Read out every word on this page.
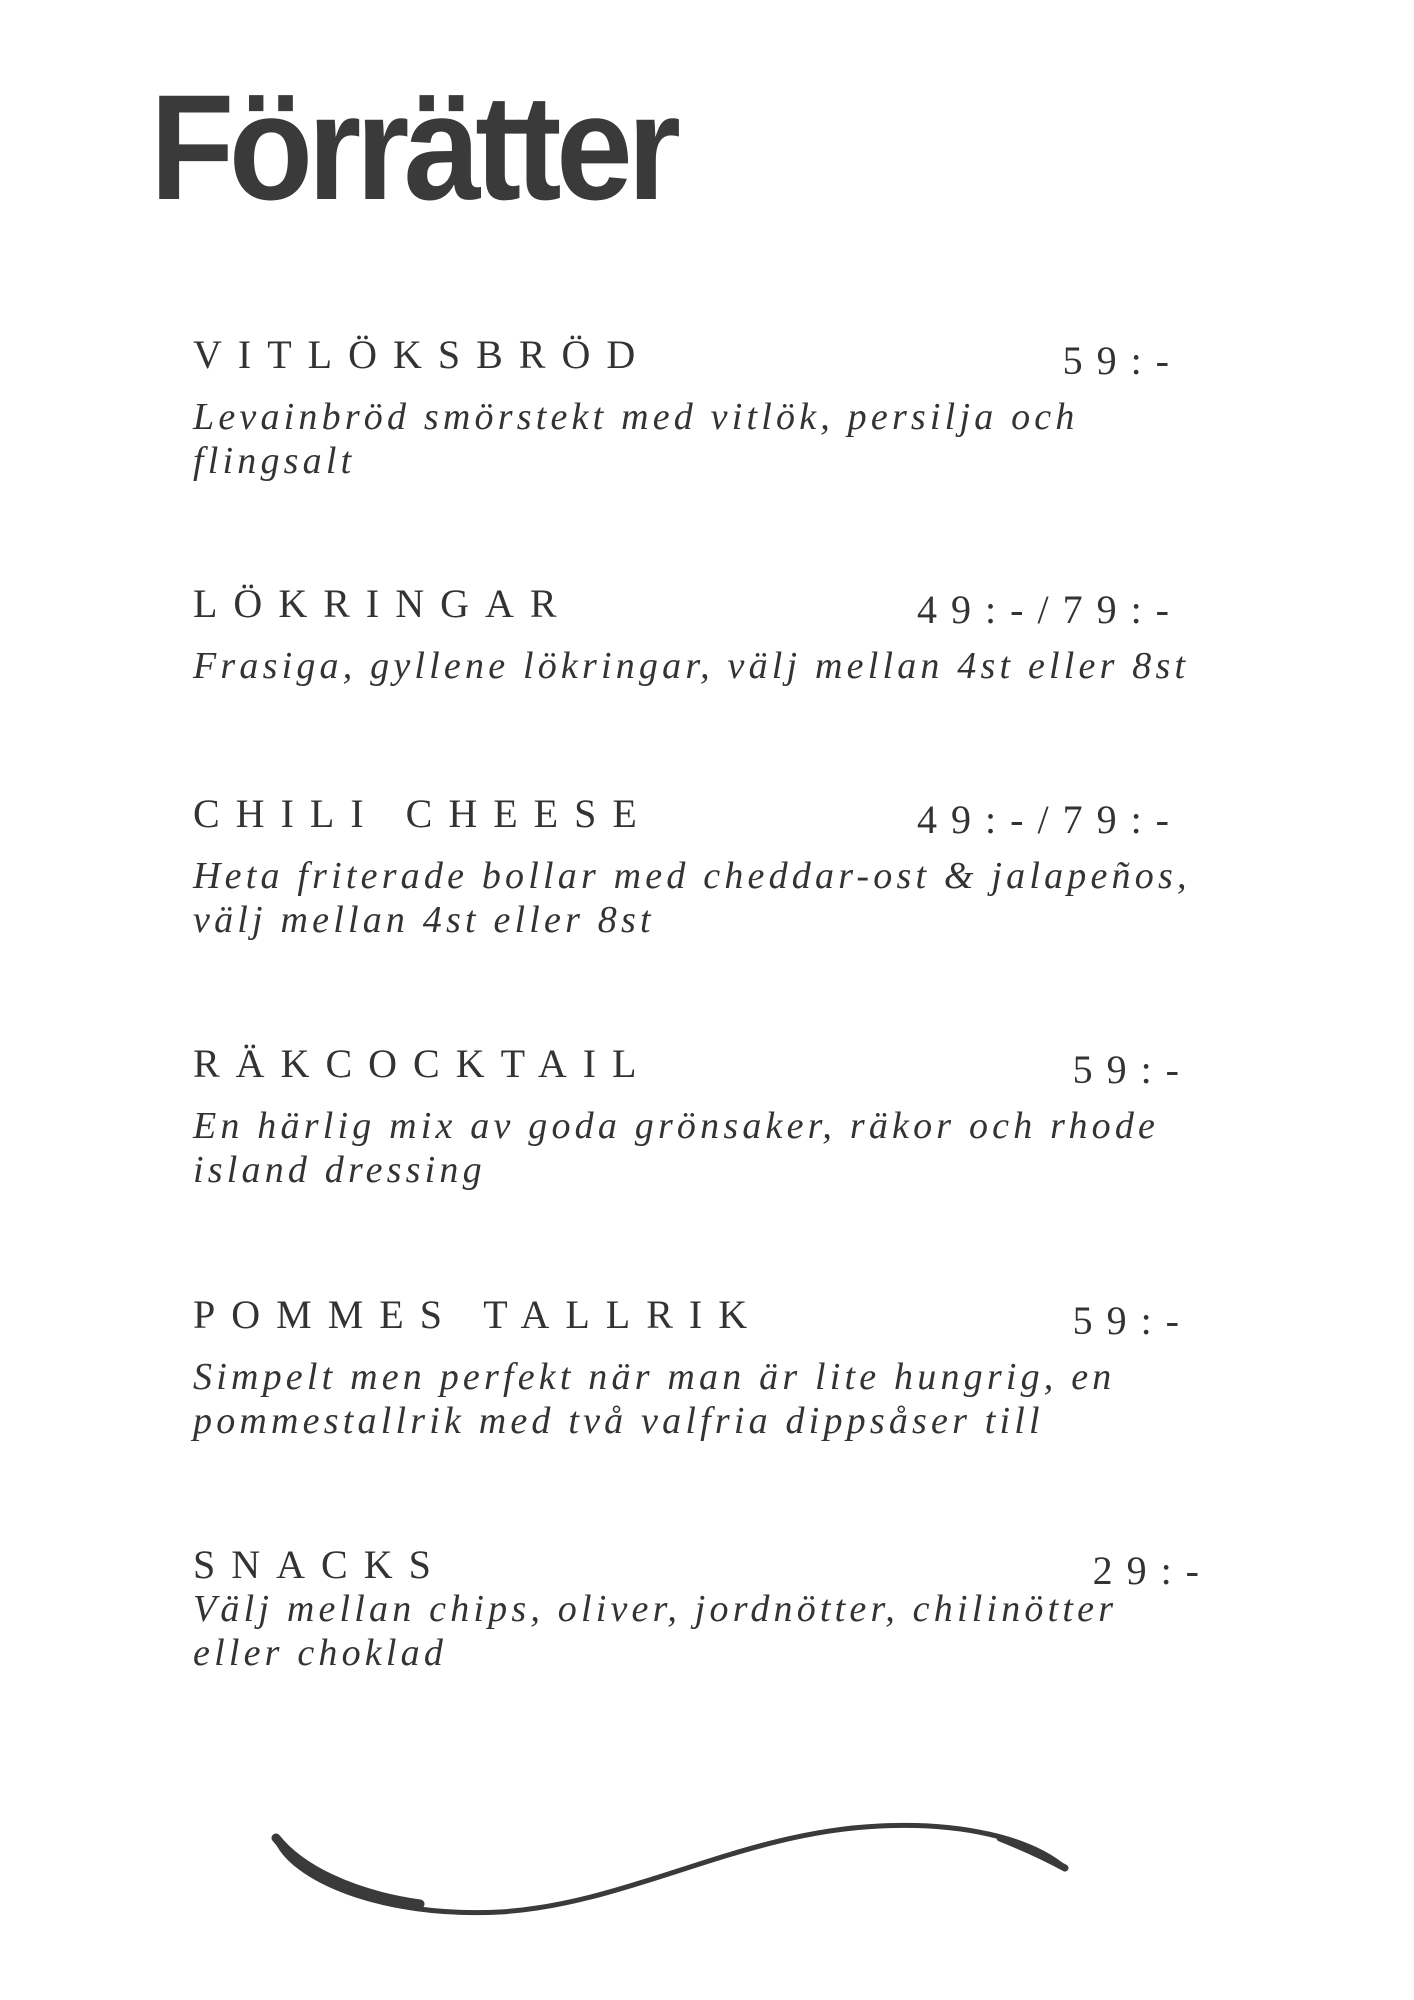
Förrätter
VITLÖKSBRÖD	59:-

Levainbröd smörstekt med vitlök, persilja och flingsalt

LÖKRINGAR	49:-/79:-

Frasiga, gyllene lökringar, välj mellan 4st eller 8st

CHILI CHEESE	49:-/79:-

Heta friterade bollar med cheddar-ost & jalapeños, välj mellan 4st eller 8st

RÄKCOCKTAIL	59:-

En härlig mix av goda grönsaker, räkor och rhode island dressing

POMMES TALLRIK	59:-

Simpelt men perfekt när man är lite hungrig, en pommestallrik med två valfria dippsåser till

SNACKS	29:-

Välj mellan chips, oliver, jordnötter, chilinötter eller choklad
